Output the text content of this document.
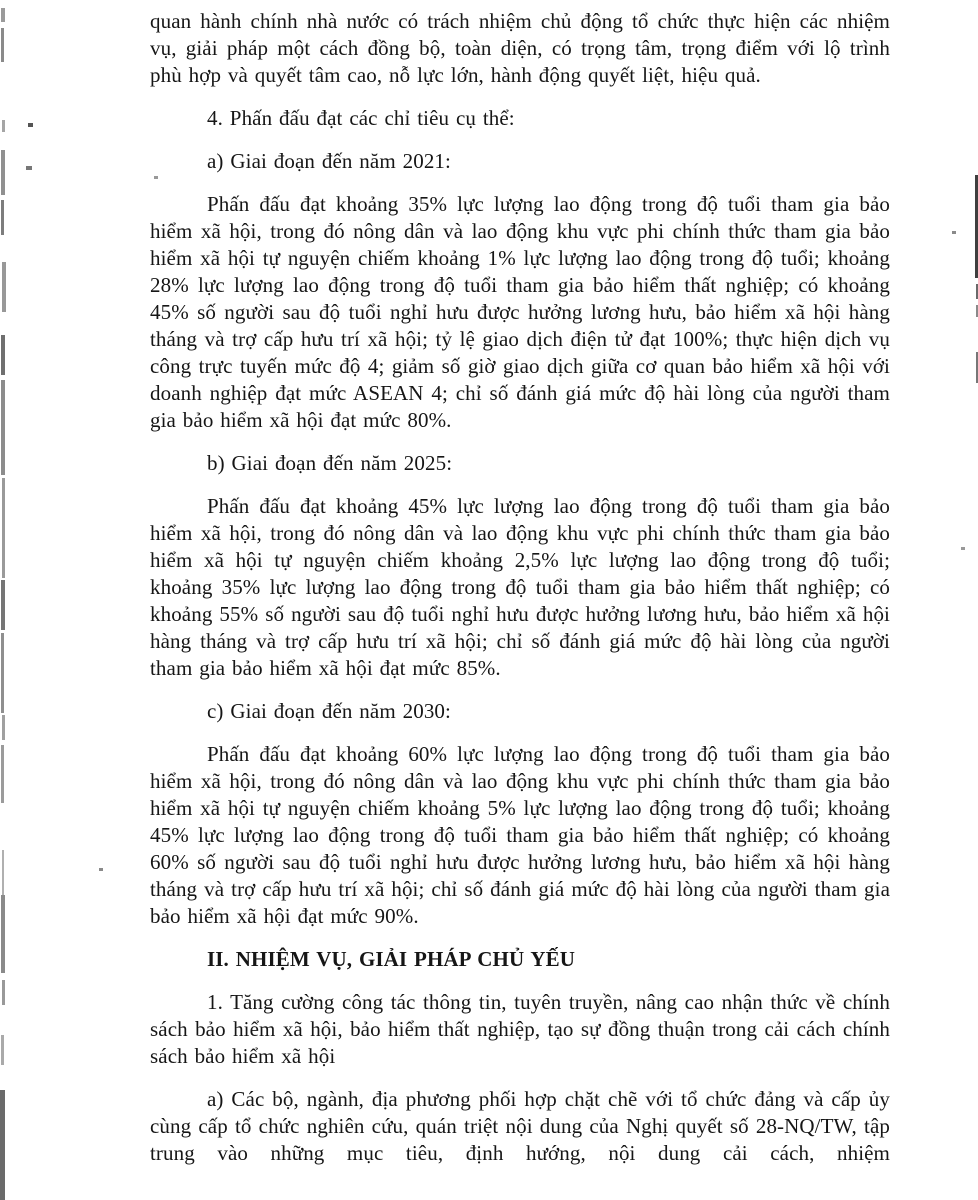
quan hành chính nhà nước có trách nhiệm chủ động tổ chức thực hiện các nhiệm vụ, giải pháp một cách đồng bộ, toàn diện, có trọng tâm, trọng điểm với lộ trình phù hợp và quyết tâm cao, nỗ lực lớn, hành động quyết liệt, hiệu quả.

4. Phấn đấu đạt các chỉ tiêu cụ thể:

a) Giai đoạn đến năm 2021:

Phấn đấu đạt khoảng 35% lực lượng lao động trong độ tuổi tham gia bảo hiểm xã hội, trong đó nông dân và lao động khu vực phi chính thức tham gia bảo hiểm xã hội tự nguyện chiếm khoảng 1% lực lượng lao động trong độ tuổi; khoảng 28% lực lượng lao động trong độ tuổi tham gia bảo hiểm thất nghiệp; có khoảng 45% số người sau độ tuổi nghỉ hưu được hưởng lương hưu, bảo hiểm xã hội hàng tháng và trợ cấp hưu trí xã hội; tỷ lệ giao dịch điện tử đạt 100%; thực hiện dịch vụ công trực tuyến mức độ 4; giảm số giờ giao dịch giữa cơ quan bảo hiểm xã hội với doanh nghiệp đạt mức ASEAN 4; chỉ số đánh giá mức độ hài lòng của người tham gia bảo hiểm xã hội đạt mức 80%.

b) Giai đoạn đến năm 2025:

Phấn đấu đạt khoảng 45% lực lượng lao động trong độ tuổi tham gia bảo hiểm xã hội, trong đó nông dân và lao động khu vực phi chính thức tham gia bảo hiểm xã hội tự nguyện chiếm khoảng 2,5% lực lượng lao động trong độ tuổi; khoảng 35% lực lượng lao động trong độ tuổi tham gia bảo hiểm thất nghiệp; có khoảng 55% số người sau độ tuổi nghỉ hưu được hưởng lương hưu, bảo hiểm xã hội hàng tháng và trợ cấp hưu trí xã hội; chỉ số đánh giá mức độ hài lòng của người tham gia bảo hiểm xã hội đạt mức 85%.

c) Giai đoạn đến năm 2030:

Phấn đấu đạt khoảng 60% lực lượng lao động trong độ tuổi tham gia bảo hiểm xã hội, trong đó nông dân và lao động khu vực phi chính thức tham gia bảo hiểm xã hội tự nguyện chiếm khoảng 5% lực lượng lao động trong độ tuổi; khoảng 45% lực lượng lao động trong độ tuổi tham gia bảo hiểm thất nghiệp; có khoảng 60% số người sau độ tuổi nghỉ hưu được hưởng lương hưu, bảo hiểm xã hội hàng tháng và trợ cấp hưu trí xã hội; chỉ số đánh giá mức độ hài lòng của người tham gia bảo hiểm xã hội đạt mức 90%.

II. NHIỆM VỤ, GIẢI PHÁP CHỦ YẾU

1. Tăng cường công tác thông tin, tuyên truyền, nâng cao nhận thức về chính sách bảo hiểm xã hội, bảo hiểm thất nghiệp, tạo sự đồng thuận trong cải cách chính sách bảo hiểm xã hội

a) Các bộ, ngành, địa phương phối hợp chặt chẽ với tổ chức đảng và cấp ủy cùng cấp tổ chức nghiên cứu, quán triệt nội dung của Nghị quyết số 28-NQ/TW, tập trung vào những mục tiêu, định hướng, nội dung cải cách, nhiệm
